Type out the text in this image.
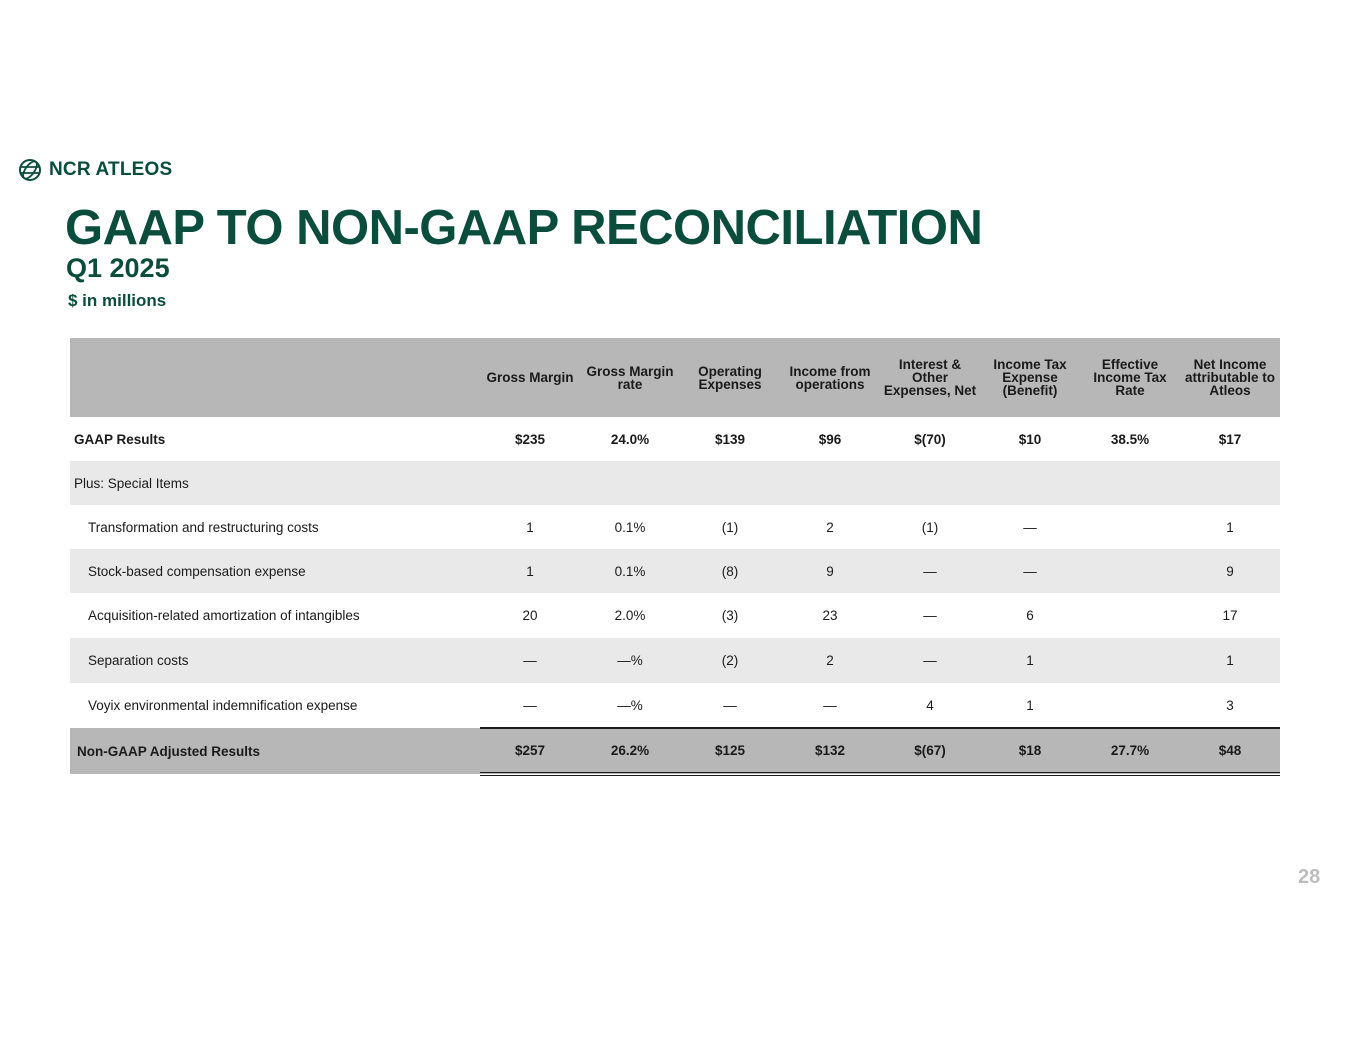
NCR ATLEOS
GAAP TO NON-GAAP RECONCILIATION
Q1 2025
$ in millions
	Gross Margin	Gross Margin rate	Operating Expenses	Income from operations	Interest & Other Expenses, Net	Income Tax Expense (Benefit)	Effective Income Tax Rate	Net Income attributable to Atleos
GAAP Results	$235	24.0%	$139	$96	$(70)	$10	38.5%	$17
Plus: Special Items								
Transformation and restructuring costs	1	0.1%	(1)	2	(1)	—		1
Stock-based compensation expense	1	0.1%	(8)	9	—	—		9
Acquisition-related amortization of intangibles	20	2.0%	(3)	23	—	6		17
Separation costs	—	—%	(2)	2	—	1		1
Voyix environmental indemnification expense	—	—%	—	—	4	1		3
Non-GAAP Adjusted Results	$257	26.2%	$125	$132	$(67)	$18	27.7%	$48
28
